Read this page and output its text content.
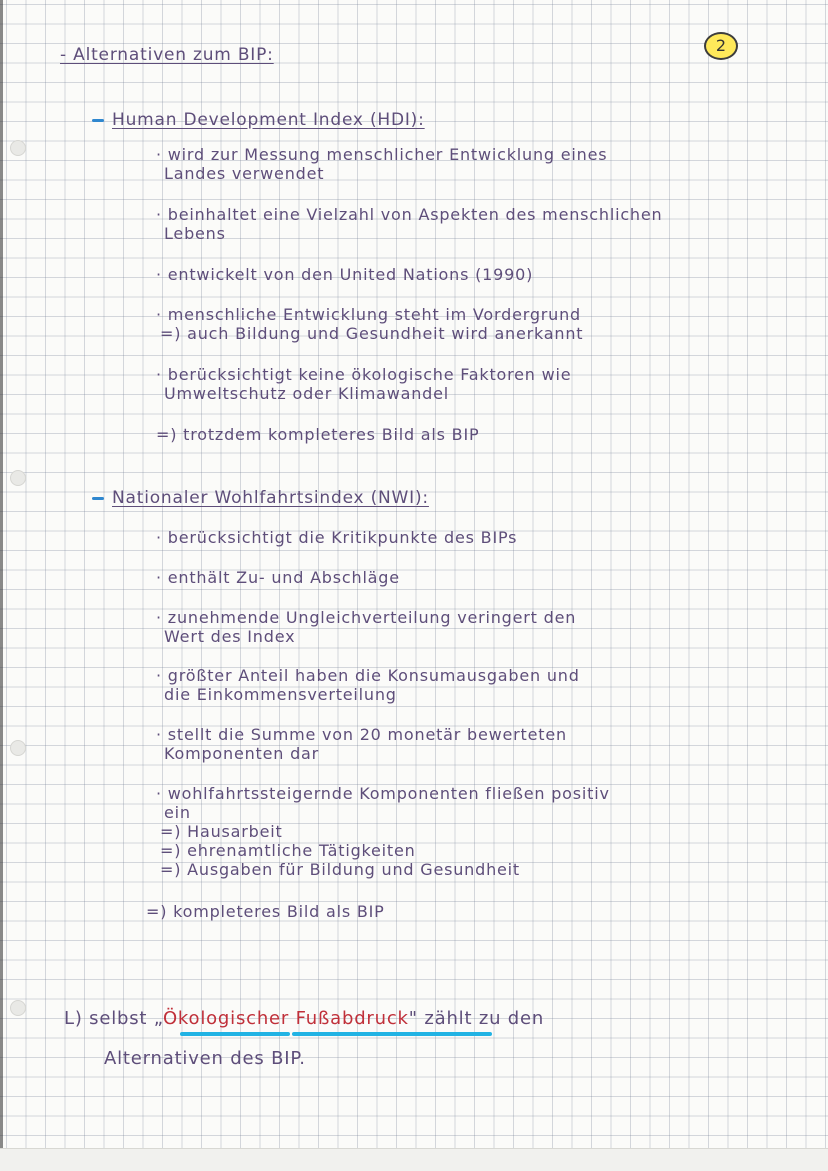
- Alternativen zum BIP:	2
Human Development Index (HDI):
· wird zur Messung menschlicher Entwicklung eines
Landes verwendet
· beinhaltet eine Vielzahl von Aspekten des menschlichen
Lebens
· entwickelt von den United Nations (1990)
· menschliche Entwicklung steht im Vordergrund
=) auch Bildung und Gesundheit wird anerkannt
· berücksichtigt keine ökologische Faktoren wie
Umweltschutz oder Klimawandel
=) trotzdem kompleteres Bild als BIP
Nationaler Wohlfahrtsindex (NWI):
· berücksichtigt die Kritikpunkte des BIPs
· enthält Zu- und Abschläge
· zunehmende Ungleichverteilung veringert den
Wert des Index
· größter Anteil haben die Konsumausgaben und
die Einkommensverteilung
· stellt die Summe von 20 monetär bewerteten
Komponenten dar
· wohlfahrtssteigernde Komponenten fließen positiv
ein
=) Hausarbeit
=) ehrenamtliche Tätigkeiten
=) Ausgaben für Bildung und Gesundheit
=) kompleteres Bild als BIP
L) selbst „Ökologischer Fußabdruck" zählt zu den
Alternativen des BIP.
